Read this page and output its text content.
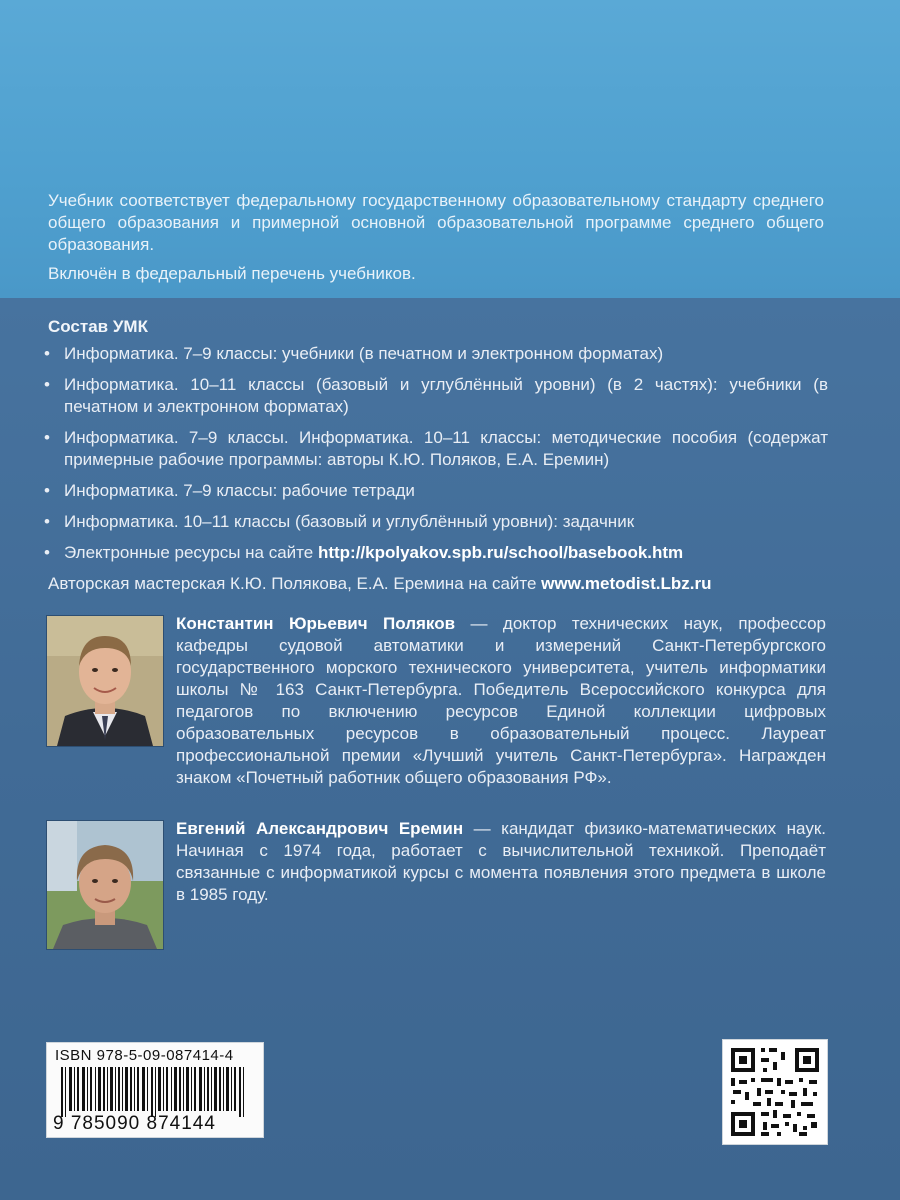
Учебник соответствует федеральному государственному образовательному стандарту среднего общего образования и примерной основной образовательной программе среднего общего образования.

Включён в федеральный перечень учебников.

Состав УМК
• Информатика. 7–9 классы: учебники (в печатном и электронном форматах)
• Информатика. 10–11 классы (базовый и углублённый уровни) (в 2 частях): учебники (в печатном и электронном форматах)
• Информатика. 7–9 классы. Информатика. 10–11 классы: методические пособия (содержат примерные рабочие программы: авторы К.Ю. Поляков, Е.А. Еремин)
• Информатика. 7–9 классы: рабочие тетради
• Информатика. 10–11 классы (базовый и углублённый уровни): задачник
• Электронные ресурсы на сайте http://kpolyakov.spb.ru/school/basebook.htm
Авторская мастерская К.Ю. Полякова, Е.А. Еремина на сайте www.metodist.Lbz.ru
Константин Юрьевич Поляков — доктор технических наук, профессор кафедры судовой автоматики и измерений Санкт-Петербургского государственного морского технического университета, учитель информатики школы № 163 Санкт-Петербурга. Победитель Всероссийского конкурса для педагогов по включению ресурсов Единой коллекции цифровых образовательных ресурсов в образовательный процесс. Лауреат профессиональной премии «Лучший учитель Санкт-Петербурга». Награжден знаком «Почетный работник общего образования РФ».
Евгений Александрович Еремин — кандидат физико-математических наук. Начиная с 1974 года, работает с вычислительной техникой. Преподаёт связанные с информатикой курсы с момента появления этого предмета в школе в 1985 году.
ISBN 978-5-09-087414-4
9 785090 874144
